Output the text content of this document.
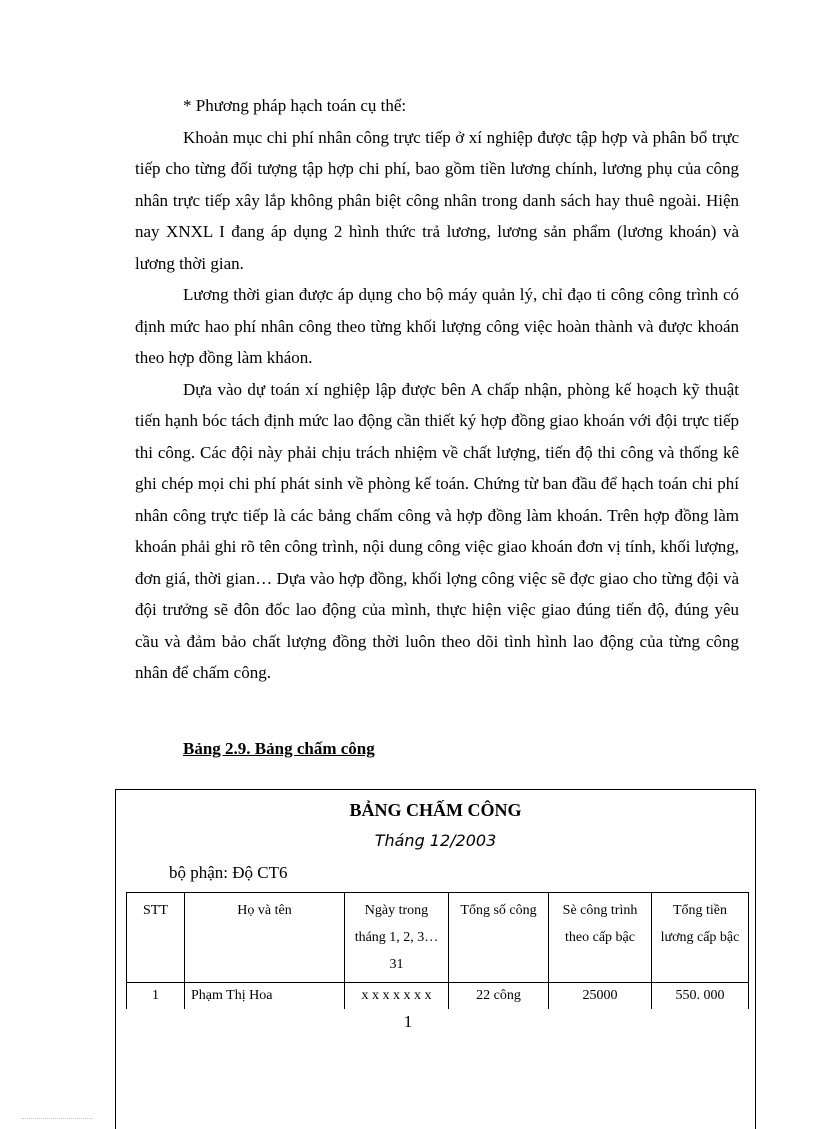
* Phương pháp hạch toán cụ thể:

Khoản mục chi phí nhân công trực tiếp ở xí nghiệp được tập hợp và phân bổ trực tiếp cho từng đối tượng tập hợp chi phí, bao gồm tiền lương chính, lương phụ của công nhân trực tiếp xây lắp không phân biệt công nhân trong danh sách hay thuê ngoài. Hiện nay XNXL I đang áp dụng 2 hình thức trả lương, lương sản phẩm (lương khoán) và lương thời gian.

Lương thời gian được áp dụng cho bộ máy quản lý, chỉ đạo ti công công trình có định mức hao phí nhân công theo từng khối lượng công việc hoàn thành và được khoán theo hợp đồng làm kháon.

Dựa vào dự toán xí nghiệp lập được bên A chấp nhận, phòng kế hoạch kỹ thuật tiến hạnh bóc tách định mức lao động cần thiết ký hợp đồng giao khoán với đội trực tiếp thi công. Các đội này phải chịu trách nhiệm về chất lượng, tiến độ thi công và thống kê ghi chép mọi chi phí phát sinh về phòng kế toán. Chứng từ ban đầu để hạch toán chi phí nhân công trực tiếp là các bảng chấm công và hợp đồng làm khoán. Trên hợp đồng làm khoán phải ghi rõ tên công trình, nội dung công việc giao khoán đơn vị tính, khối lượng, đơn giá, thời gian… Dựa vào hợp đồng, khối lợng công việc sẽ đợc giao cho từng đội và đội trưởng sẽ đôn đốc lao động của mình, thực hiện việc giao đúng tiến độ, đúng yêu cầu và đảm bảo chất lượng đồng thời luôn theo dõi tình hình lao động của từng công nhân để chấm công.

Bảng 2.9. Bảng chấm công
BẢNG CHẤM CÔNG
Tháng 12/2003
bộ phận: Độ CT6
STT	Họ và tên	Ngày trong tháng 1, 2, 3…31	Tổng số công	Sè công trình theo cấp bậc	Tổng tiền lương cấp bậc
1	Phạm Thị Hoa	x x x x x x x	22 công	25000	550. 000
1
